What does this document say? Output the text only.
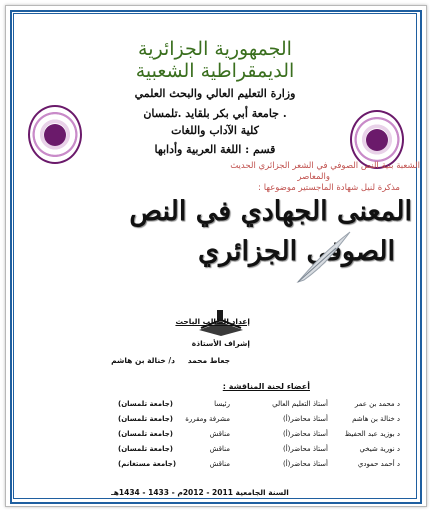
الجمهورية الجزائرية
الديمقراطية الشعبية
وزارة التعليم العالي والبحث العلمي
جامعة أبي بكر بلقايد .تلمسان .
كلية الآداب واللغات
قسم : اللغة العربية وأدابها
الشعبة بنية النص الصوفي في الشعر الجزائري الحديث
والمعاصر
مذكرة لنيل شهادة الماجستير موضوعها :
المعنى الجهادي في النص
الصوفي الجزائري
إعداد الطالب الباحث
إشراف الأستاذة
جعاط محمد
د/ خنالة بن هاشم
أعضاء لجنة المناقشة :
د محمد بن عمر
أستاذ التعليم العالي
رئيسا
(جامعة تلمسان)
د خنالة بن هاشم
أستاذ محاضر(أ)
مشرفة ومقررة
(جامعة تلمسان)
د بوزيد عبد الحفيظ
أستاذ محاضر(أ)
مناقش
(جامعة تلمسان)
د نورية شيخي
أستاذ محاضر(أ)
مناقش
(جامعة تلمسان)
د أحمد حمودي
أستاذ محاضر(أ)
مناقش
(جامعة مستغانم)
السنة الجامعية 2011 - 2012م - 1433 - 1434هـ
